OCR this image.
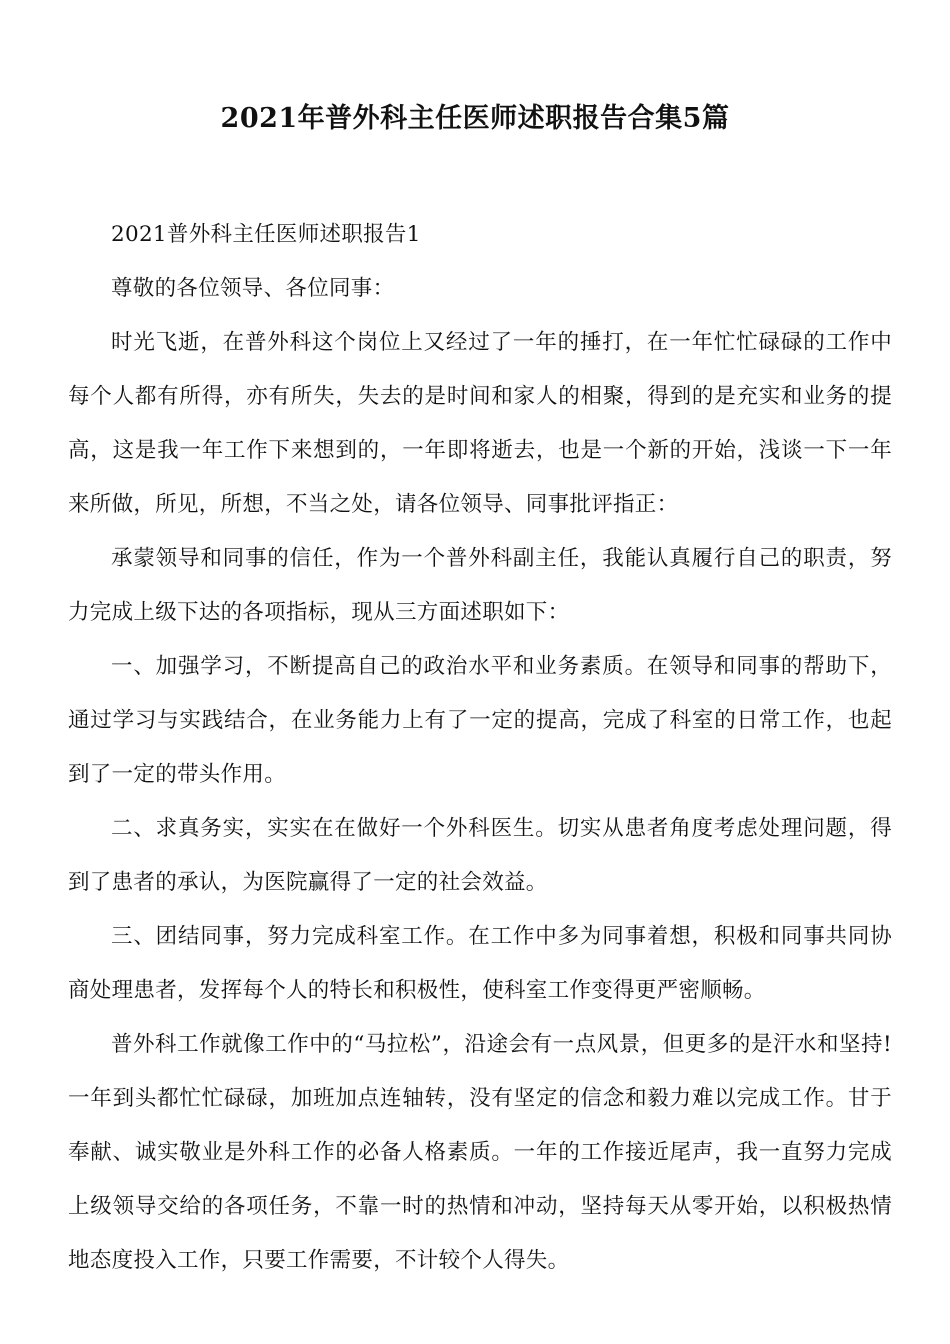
2021年普外科主任医师述职报告合集5篇

2021普外科主任医师述职报告1

尊敬的各位领导、各位同事：

时光飞逝，在普外科这个岗位上又经过了一年的捶打，在一年忙忙碌碌的工作中每个人都有所得，亦有所失，失去的是时间和家人的相聚，得到的是充实和业务的提高，这是我一年工作下来想到的，一年即将逝去，也是一个新的开始，浅谈一下一年来所做，所见，所想，不当之处，请各位领导、同事批评指正：

承蒙领导和同事的信任，作为一个普外科副主任，我能认真履行自己的职责，努力完成上级下达的各项指标，现从三方面述职如下：

一、加强学习，不断提高自己的政治水平和业务素质。在领导和同事的帮助下，通过学习与实践结合，在业务能力上有了一定的提高，完成了科室的日常工作，也起到了一定的带头作用。

二、求真务实，实实在在做好一个外科医生。切实从患者角度考虑处理问题，得到了患者的承认，为医院赢得了一定的社会效益。

三、团结同事，努力完成科室工作。在工作中多为同事着想，积极和同事共同协商处理患者，发挥每个人的特长和积极性，使科室工作变得更严密顺畅。

普外科工作就像工作中的“马拉松”，沿途会有一点风景，但更多的是汗水和坚持!一年到头都忙忙碌碌，加班加点连轴转，没有坚定的信念和毅力难以完成工作。甘于奉献、诚实敬业是外科工作的必备人格素质。一年的工作接近尾声，我一直努力完成上级领导交给的各项任务，不靠一时的热情和冲动，坚持每天从零开始，以积极热情地态度投入工作，只要工作需要，不计较个人得失。
